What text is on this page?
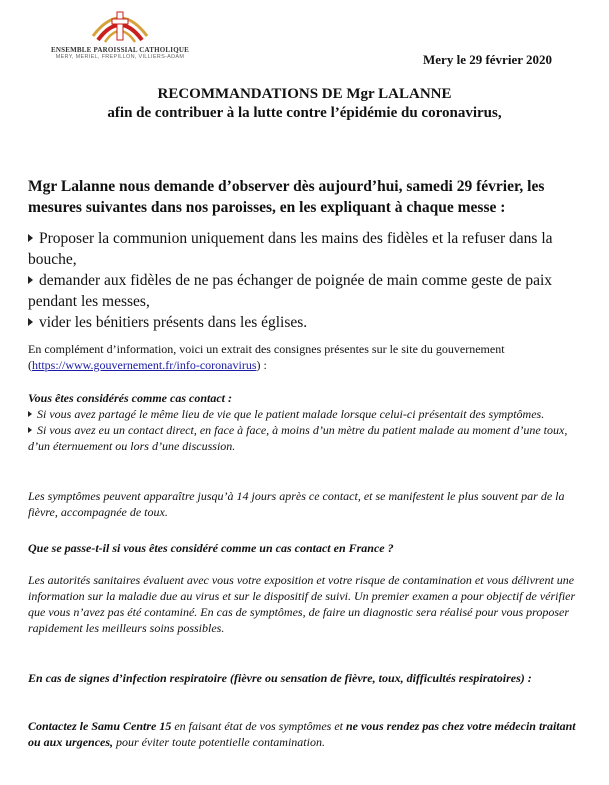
ENSEMBLE PAROISSIAL CATHOLIQUE
MERY, MERIEL, FREPILLON, VILLIERS-ADAM	Mery le 29 février 2020
RECOMMANDATIONS DE Mgr LALANNE
afin de contribuer à la lutte contre l’épidémie du coronavirus,
Mgr Lalanne nous demande d’observer dès aujourd’hui, samedi 29 février, les mesures suivantes dans nos paroisses, en les expliquant à chaque messe :

Proposer la communion uniquement dans les mains des fidèles et la refuser dans la bouche,

demander aux fidèles de ne pas échanger de poignée de main comme geste de paix pendant les messes,

vider les bénitiers présents dans les églises.

En complément d’information, voici un extrait des consignes présentes sur le site du gouvernement (https://www.gouvernement.fr/info-coronavirus) :
Vous êtes considérés comme cas contact :
Si vous avez partagé le même lieu de vie que le patient malade lorsque celui-ci présentait des symptômes.
Si vous avez eu un contact direct, en face à face, à moins d’un mètre du patient malade au moment d’une toux, d’un éternuement ou lors d’une discussion.
Les symptômes peuvent apparaître jusqu’à 14 jours après ce contact, et se manifestent le plus souvent par de la fièvre, accompagnée de toux.
Que se passe-t-il si vous êtes considéré comme un cas contact en France ?
Les autorités sanitaires évaluent avec vous votre exposition et votre risque de contamination et vous délivrent une information sur la maladie due au virus et sur le dispositif de suivi. Un premier examen a pour objectif de vérifier que vous n’avez pas été contaminé. En cas de symptômes, de faire un diagnostic sera réalisé pour vous proposer rapidement les meilleurs soins possibles.
En cas de signes d’infection respiratoire (fièvre ou sensation de fièvre, toux, difficultés respiratoires) :
Contactez le Samu Centre 15 en faisant état de vos symptômes et ne vous rendez pas chez votre médecin traitant ou aux urgences, pour éviter toute potentielle contamination.
